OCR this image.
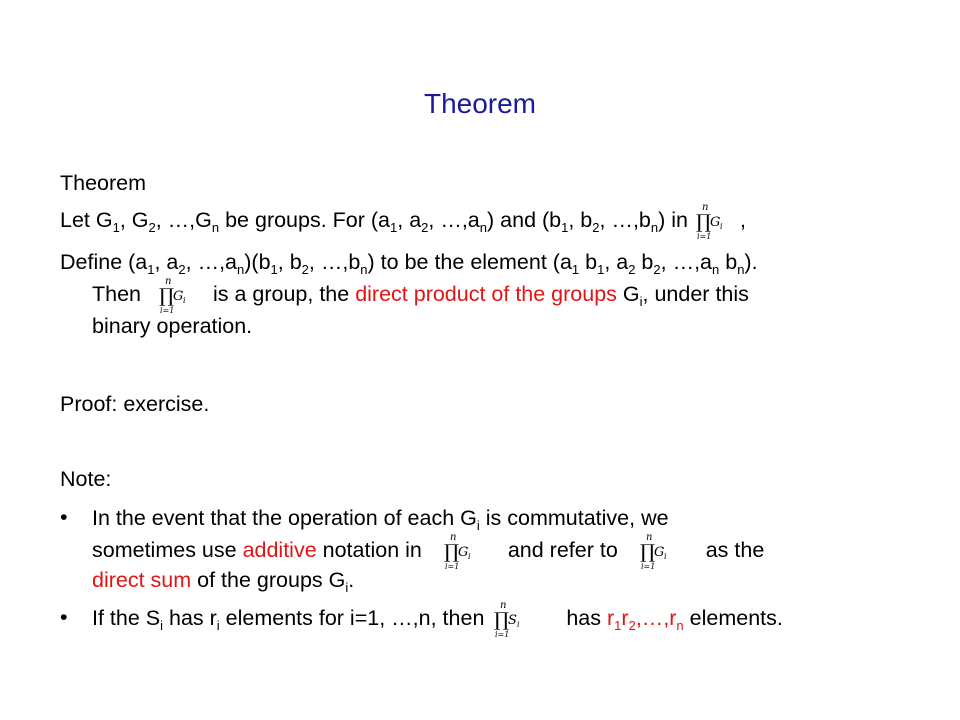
Theorem
Theorem
Let $G_1$, $G_2$, $\dots,G_n$ be groups. For ($a_1$, $a_2$, $\dots,a_n$) and ($b_1$, $b_2$, $\dots,b_n$) in
n
∏
G i
i=1
,
Define ($a_1$, $a_2$, $\dots,a_n)(b_1$, $b_2$, $\dots,b_n$) to be the element ($a_1$ $b_1$, $a_2$ $b_2$, $\dots,a_n$ $b_n$).
Then
n
∏
G i
i=1
is a group, the direct product of the groups $G_i$, under this
binary operation.
Proof: exercise.
Note:
• In the event that the operation of each $G_i$ is commutative, we
sometimes use additive notation in
n
∏
G i
i=1
and refer to
n
∏
G i
i=1
as the
direct sum of the groups $G_i$.
• If the $S_i$ has $r_i$ elements for i=1, …,n, then
n
∏
S i
i=1
has $r_1r_2,\dots,r_n$ elements.
